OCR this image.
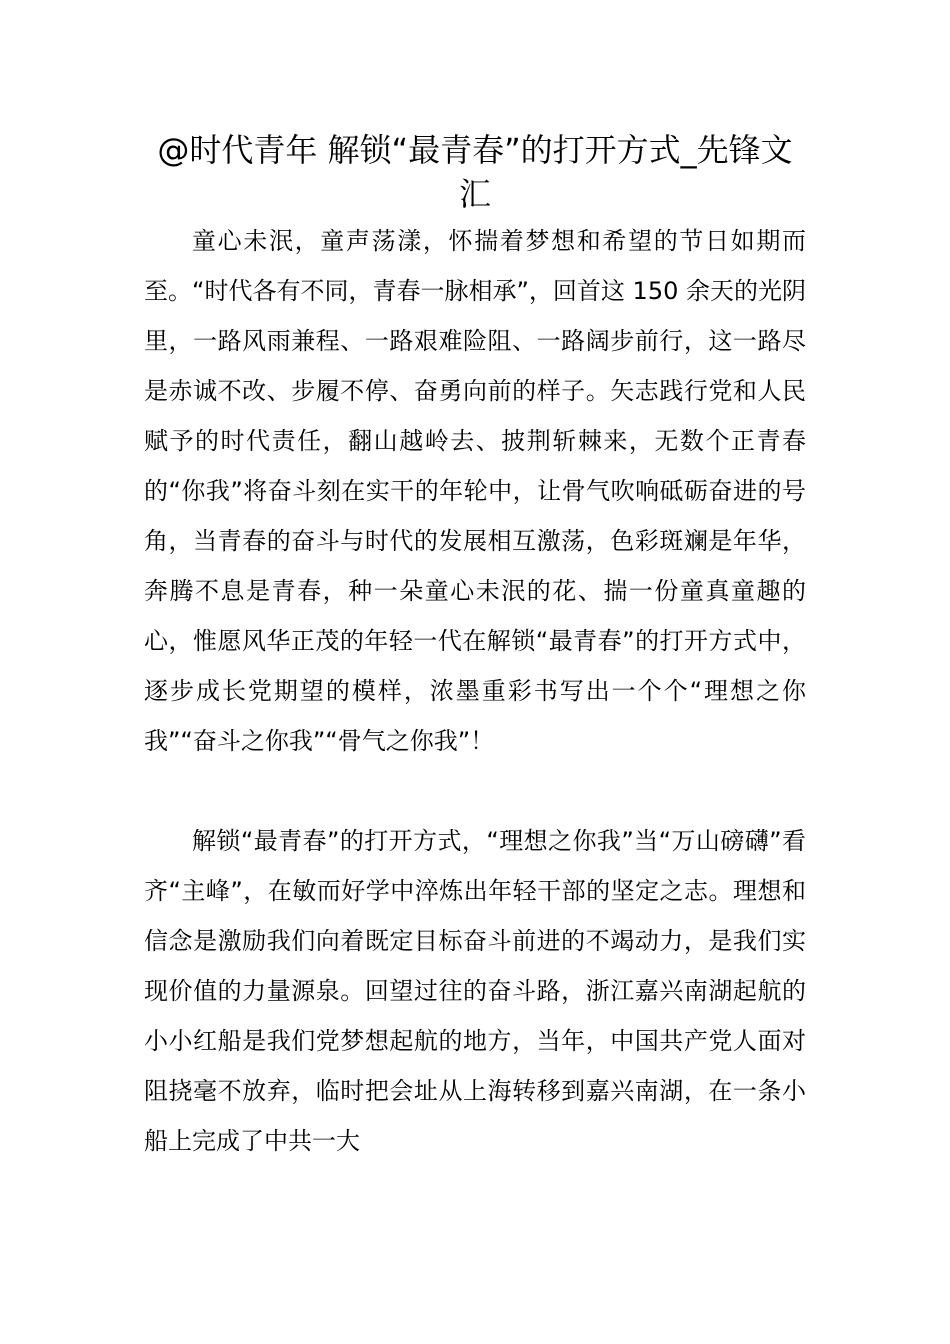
@时代青年 解锁“最青春”的打开方式_先锋文汇

童心未泯，童声荡漾，怀揣着梦想和希望的节日如期而至。“时代各有不同，青春一脉相承”，回首这 150 余天的光阴里，一路风雨兼程、一路艰难险阻、一路阔步前行，这一路尽是赤诚不改、步履不停、奋勇向前的样子。矢志践行党和人民赋予的时代责任，翻山越岭去、披荆斩棘来，无数个正青春的“你我”将奋斗刻在实干的年轮中，让骨气吹响砥砺奋进的号角，当青春的奋斗与时代的发展相互激荡，色彩斑斓是年华，奔腾不息是青春，种一朵童心未泯的花、揣一份童真童趣的心，惟愿风华正茂的年轻一代在解锁“最青春”的打开方式中，逐步成长党期望的模样，浓墨重彩书写出一个个“理想之你我”“奋斗之你我”“骨气之你我”！

解锁“最青春”的打开方式，“理想之你我”当“万山磅礴”看齐“主峰”，在敏而好学中淬炼出年轻干部的坚定之志。理想和信念是激励我们向着既定目标奋斗前进的不竭动力，是我们实现价值的力量源泉。回望过往的奋斗路，浙江嘉兴南湖起航的小小红船是我们党梦想起航的地方，当年，中国共产党人面对阻挠毫不放弃，临时把会址从上海转移到嘉兴南湖，在一条小船上完成了中共一大
